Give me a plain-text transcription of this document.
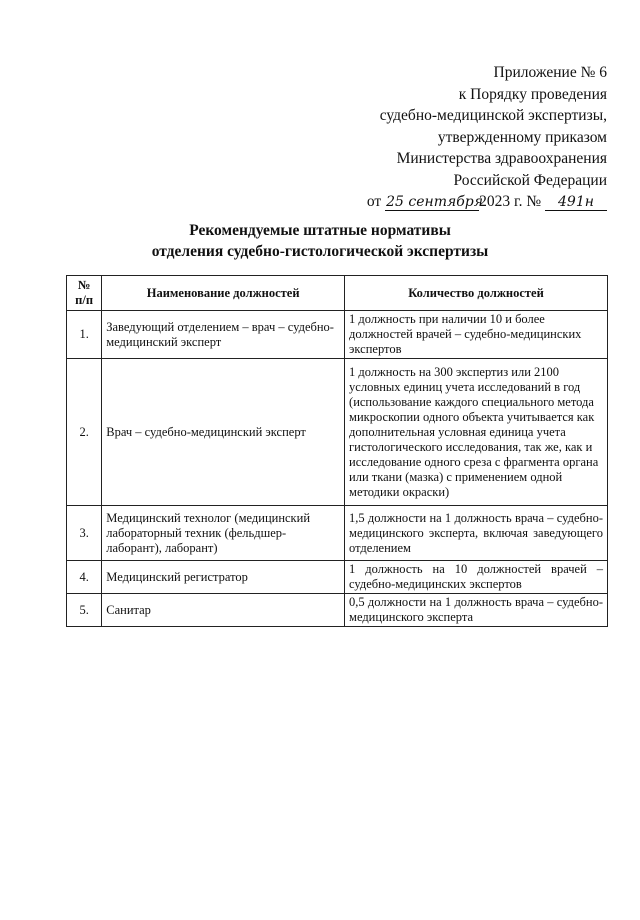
Приложение № 6
к Порядку проведения
судебно-медицинской экспертизы,
утвержденному приказом
Министерства здравоохранения
Российской Федерации
от 25 сентября2023 г. № 491н
Рекомендуемые штатные нормативы
отделения судебно-гистологической экспертизы
№ п/п	Наименование должностей	Количество должностей
1.	Заведующий отделением – врач – судебно-медицинский эксперт	1 должность при наличии 10 и более должностей врачей – судебно-медицинских экспертов
2.	Врач – судебно-медицинский эксперт	1 должность на 300 экспертиз или 2100 условных единиц учета исследований в год (использование каждого специального метода микроскопии одного объекта учитывается как дополнительная условная единица учета гистологического исследования, так же, как и исследование одного среза с фрагмента органа или ткани (мазка) с применением одной методики окраски)
3.	Медицинский технолог (медицинский лабораторный техник (фельдшер-лаборант), лаборант)	1,5 должности на 1 должность врача – судебно-медицинского эксперта, включая заведующего отделением
4.	Медицинский регистратор	1 должность на 10 должностей врачей – судебно-медицинских экспертов
5.	Санитар	0,5 должности на 1 должность врача – судебно-медицинского эксперта
